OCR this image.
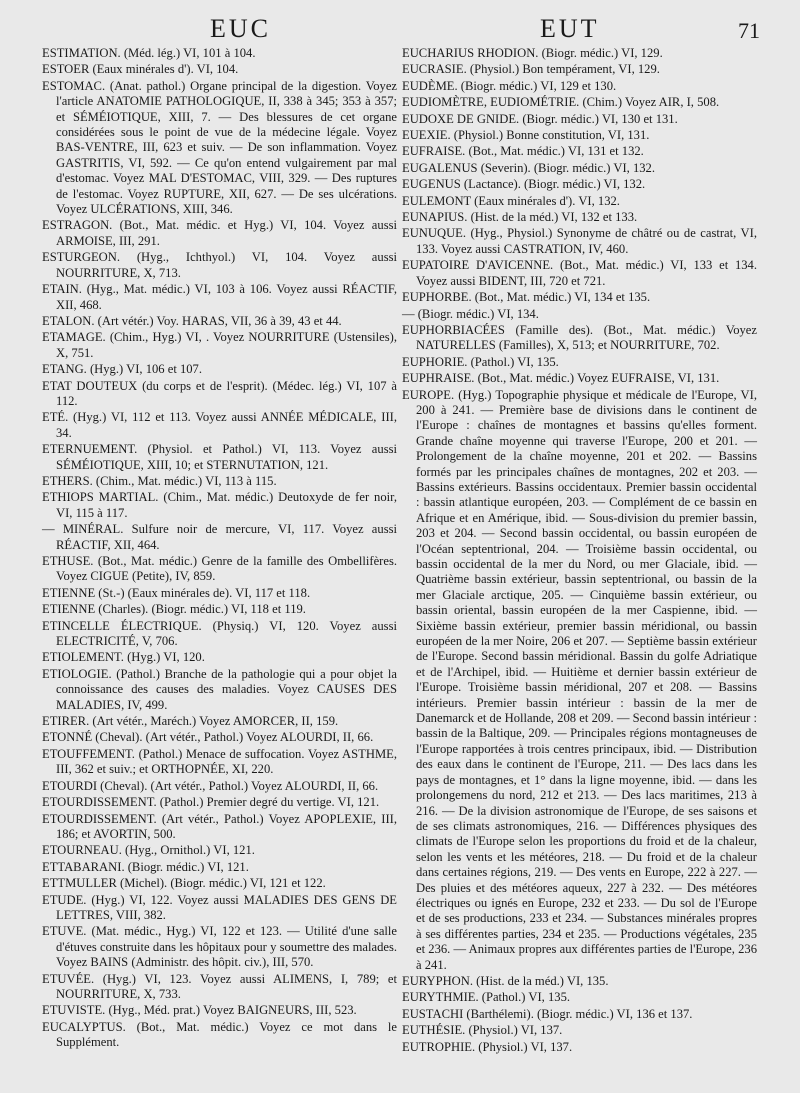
EUC	EUT	71

ESTIMATION. (Méd. lég.) VI, 101 à 104.

ESTOER (Eaux minérales d'). VI, 104.

ESTOMAC. (Anat. pathol.) Organe principal de la digestion. Voyez l'article ANATOMIE PATHOLOGIQUE, II, 338 à 345; 353 à 357; et SÉMÉIOTIQUE, XIII, 7. — Des blessures de cet organe considérées sous le point de vue de la médecine légale. Voyez BAS-VENTRE, III, 623 et suiv. — De son inflammation. Voyez GASTRITIS, VI, 592. — Ce qu'on entend vulgairement par mal d'estomac. Voyez MAL D'ESTOMAC, VIII, 329. — Des ruptures de l'estomac. Voyez RUPTURE, XII, 627. — De ses ulcérations. Voyez ULCÉRATIONS, XIII, 346.

ESTRAGON. (Bot., Mat. médic. et Hyg.) VI, 104. Voyez aussi ARMOISE, III, 291.

ESTURGEON. (Hyg., Ichthyol.) VI, 104. Voyez aussi NOURRITURE, X, 713.

ETAIN. (Hyg., Mat. médic.) VI, 103 à 106. Voyez aussi RÉACTIF, XII, 468.

ETALON. (Art vétér.) Voy. HARAS, VII, 36 à 39, 43 et 44.

ETAMAGE. (Chim., Hyg.) VI, . Voyez NOURRITURE (Ustensiles), X, 751.

ETANG. (Hyg.) VI, 106 et 107.

ETAT DOUTEUX (du corps et de l'esprit). (Médec. lég.) VI, 107 à 112.

ETÉ. (Hyg.) VI, 112 et 113. Voyez aussi ANNÉE MÉDICALE, III, 34.

ETERNUEMENT. (Physiol. et Pathol.) VI, 113. Voyez aussi SÉMÉIOTIQUE, XIII, 10; et STERNUTATION, 121.

ETHERS. (Chim., Mat. médic.) VI, 113 à 115.

ETHIOPS MARTIAL. (Chim., Mat. médic.) Deutoxyde de fer noir, VI, 115 à 117.

— MINÉRAL. Sulfure noir de mercure, VI, 117. Voyez aussi RÉACTIF, XII, 464.

ETHUSE. (Bot., Mat. médic.) Genre de la famille des Ombellifères. Voyez CIGUE (Petite), IV, 859.

ETIENNE (St.-) (Eaux minérales de). VI, 117 et 118.

ETIENNE (Charles). (Biogr. médic.) VI, 118 et 119.

ETINCELLE ÉLECTRIQUE. (Physiq.) VI, 120. Voyez aussi ELECTRICITÉ, V, 706.

ETIOLEMENT. (Hyg.) VI, 120.

ETIOLOGIE. (Pathol.) Branche de la pathologie qui a pour objet la connoissance des causes des maladies. Voyez CAUSES DES MALADIES, IV, 499.

ETIRER. (Art vétér., Maréch.) Voyez AMORCER, II, 159.

ETONNÉ (Cheval). (Art vétér., Pathol.) Voyez ALOURDI, II, 66.

ETOUFFEMENT. (Pathol.) Menace de suffocation. Voyez ASTHME, III, 362 et suiv.; et ORTHOPNÉE, XI, 220.

ETOURDI (Cheval). (Art vétér., Pathol.) Voyez ALOURDI, II, 66.

ETOURDISSEMENT. (Pathol.) Premier degré du vertige. VI, 121.

ETOURDISSEMENT. (Art vétér., Pathol.) Voyez APOPLEXIE, III, 186; et AVORTIN, 500.

ETOURNEAU. (Hyg., Ornithol.) VI, 121.

ETTABARANI. (Biogr. médic.) VI, 121.

ETTMULLER (Michel). (Biogr. médic.) VI, 121 et 122.

ETUDE. (Hyg.) VI, 122. Voyez aussi MALADIES DES GENS DE LETTRES, VIII, 382.

ETUVE. (Mat. médic., Hyg.) VI, 122 et 123. — Utilité d'une salle d'étuves construite dans les hôpitaux pour y soumettre des malades. Voyez BAINS (Administr. des hôpit. civ.), III, 570.

ETUVÉE. (Hyg.) VI, 123. Voyez aussi ALIMENS, I, 789; et NOURRITURE, X, 733.

ETUVISTE. (Hyg., Méd. prat.) Voyez BAIGNEURS, III, 523.

EUCALYPTUS. (Bot., Mat. médic.) Voyez ce mot dans le Supplément.

EUCHARIUS RHODION. (Biogr. médic.) VI, 129.

EUCRASIE. (Physiol.) Bon tempérament, VI, 129.

EUDÈME. (Biogr. médic.) VI, 129 et 130.

EUDIOMÈTRE, EUDIOMÉTRIE. (Chim.) Voyez AIR, I, 508.

EUDOXE DE GNIDE. (Biogr. médic.) VI, 130 et 131.

EUEXIE. (Physiol.) Bonne constitution, VI, 131.

EUFRAISE. (Bot., Mat. médic.) VI, 131 et 132.

EUGALENUS (Severin). (Biogr. médic.) VI, 132.

EUGENUS (Lactance). (Biogr. médic.) VI, 132.

EULEMONT (Eaux minérales d'). VI, 132.

EUNAPIUS. (Hist. de la méd.) VI, 132 et 133.

EUNUQUE. (Hyg., Physiol.) Synonyme de châtré ou de castrat, VI, 133. Voyez aussi CASTRATION, IV, 460.

EUPATOIRE D'AVICENNE. (Bot., Mat. médic.) VI, 133 et 134. Voyez aussi BIDENT, III, 720 et 721.

EUPHORBE. (Bot., Mat. médic.) VI, 134 et 135.

— (Biogr. médic.) VI, 134.

EUPHORBIACÉES (Famille des). (Bot., Mat. médic.) Voyez NATURELLES (Familles), X, 513; et NOURRITURE, 702.

EUPHORIE. (Pathol.) VI, 135.

EUPHRAISE. (Bot., Mat. médic.) Voyez EUFRAISE, VI, 131.

EUROPE. (Hyg.) Topographie physique et médicale de l'Europe, VI, 200 à 241. — Première base de divisions dans le continent de l'Europe : chaînes de montagnes et bassins qu'elles forment. Grande chaîne moyenne qui traverse l'Europe, 200 et 201. — Prolongement de la chaîne moyenne, 201 et 202. — Bassins formés par les principales chaînes de montagnes, 202 et 203. — Bassins extérieurs. Bassins occidentaux. Premier bassin occidental : bassin atlantique européen, 203. — Complément de ce bassin en Afrique et en Amérique, ibid. — Sous-division du premier bassin, 203 et 204. — Second bassin occidental, ou bassin européen de l'Océan septentrional, 204. — Troisième bassin occidental, ou bassin occidental de la mer du Nord, ou mer Glaciale, ibid. — Quatrième bassin extérieur, bassin septentrional, ou bassin de la mer Glaciale arctique, 205. — Cinquième bassin extérieur, ou bassin oriental, bassin européen de la mer Caspienne, ibid. — Sixième bassin extérieur, premier bassin méridional, ou bassin européen de la mer Noire, 206 et 207. — Septième bassin extérieur de l'Europe. Second bassin méridional. Bassin du golfe Adriatique et de l'Archipel, ibid. — Huitième et dernier bassin extérieur de l'Europe. Troisième bassin méridional, 207 et 208. — Bassins intérieurs. Premier bassin intérieur : bassin de la mer de Danemarck et de Hollande, 208 et 209. — Second bassin intérieur : bassin de la Baltique, 209. — Principales régions montagneuses de l'Europe rapportées à trois centres principaux, ibid. — Distribution des eaux dans le continent de l'Europe, 211. — Des lacs dans les pays de montagnes, et 1° dans la ligne moyenne, ibid. — dans les prolongemens du nord, 212 et 213. — Des lacs maritimes, 213 à 216. — De la division astronomique de l'Europe, de ses saisons et de ses climats astronomiques, 216. — Différences physiques des climats de l'Europe selon les proportions du froid et de la chaleur, selon les vents et les météores, 218. — Du froid et de la chaleur dans certaines régions, 219. — Des vents en Europe, 222 à 227. — Des pluies et des météores aqueux, 227 à 232. — Des météores électriques ou ignés en Europe, 232 et 233. — Du sol de l'Europe et de ses productions, 233 et 234. — Substances minérales propres à ses différentes parties, 234 et 235. — Productions végétales, 235 et 236. — Animaux propres aux différentes parties de l'Europe, 236 à 241.

EURYPHON. (Hist. de la méd.) VI, 135.

EURYTHMIE. (Pathol.) VI, 135.

EUSTACHI (Barthélemi). (Biogr. médic.) VI, 136 et 137.

EUTHÉSIE. (Physiol.) VI, 137.

EUTROPHIE. (Physiol.) VI, 137.
